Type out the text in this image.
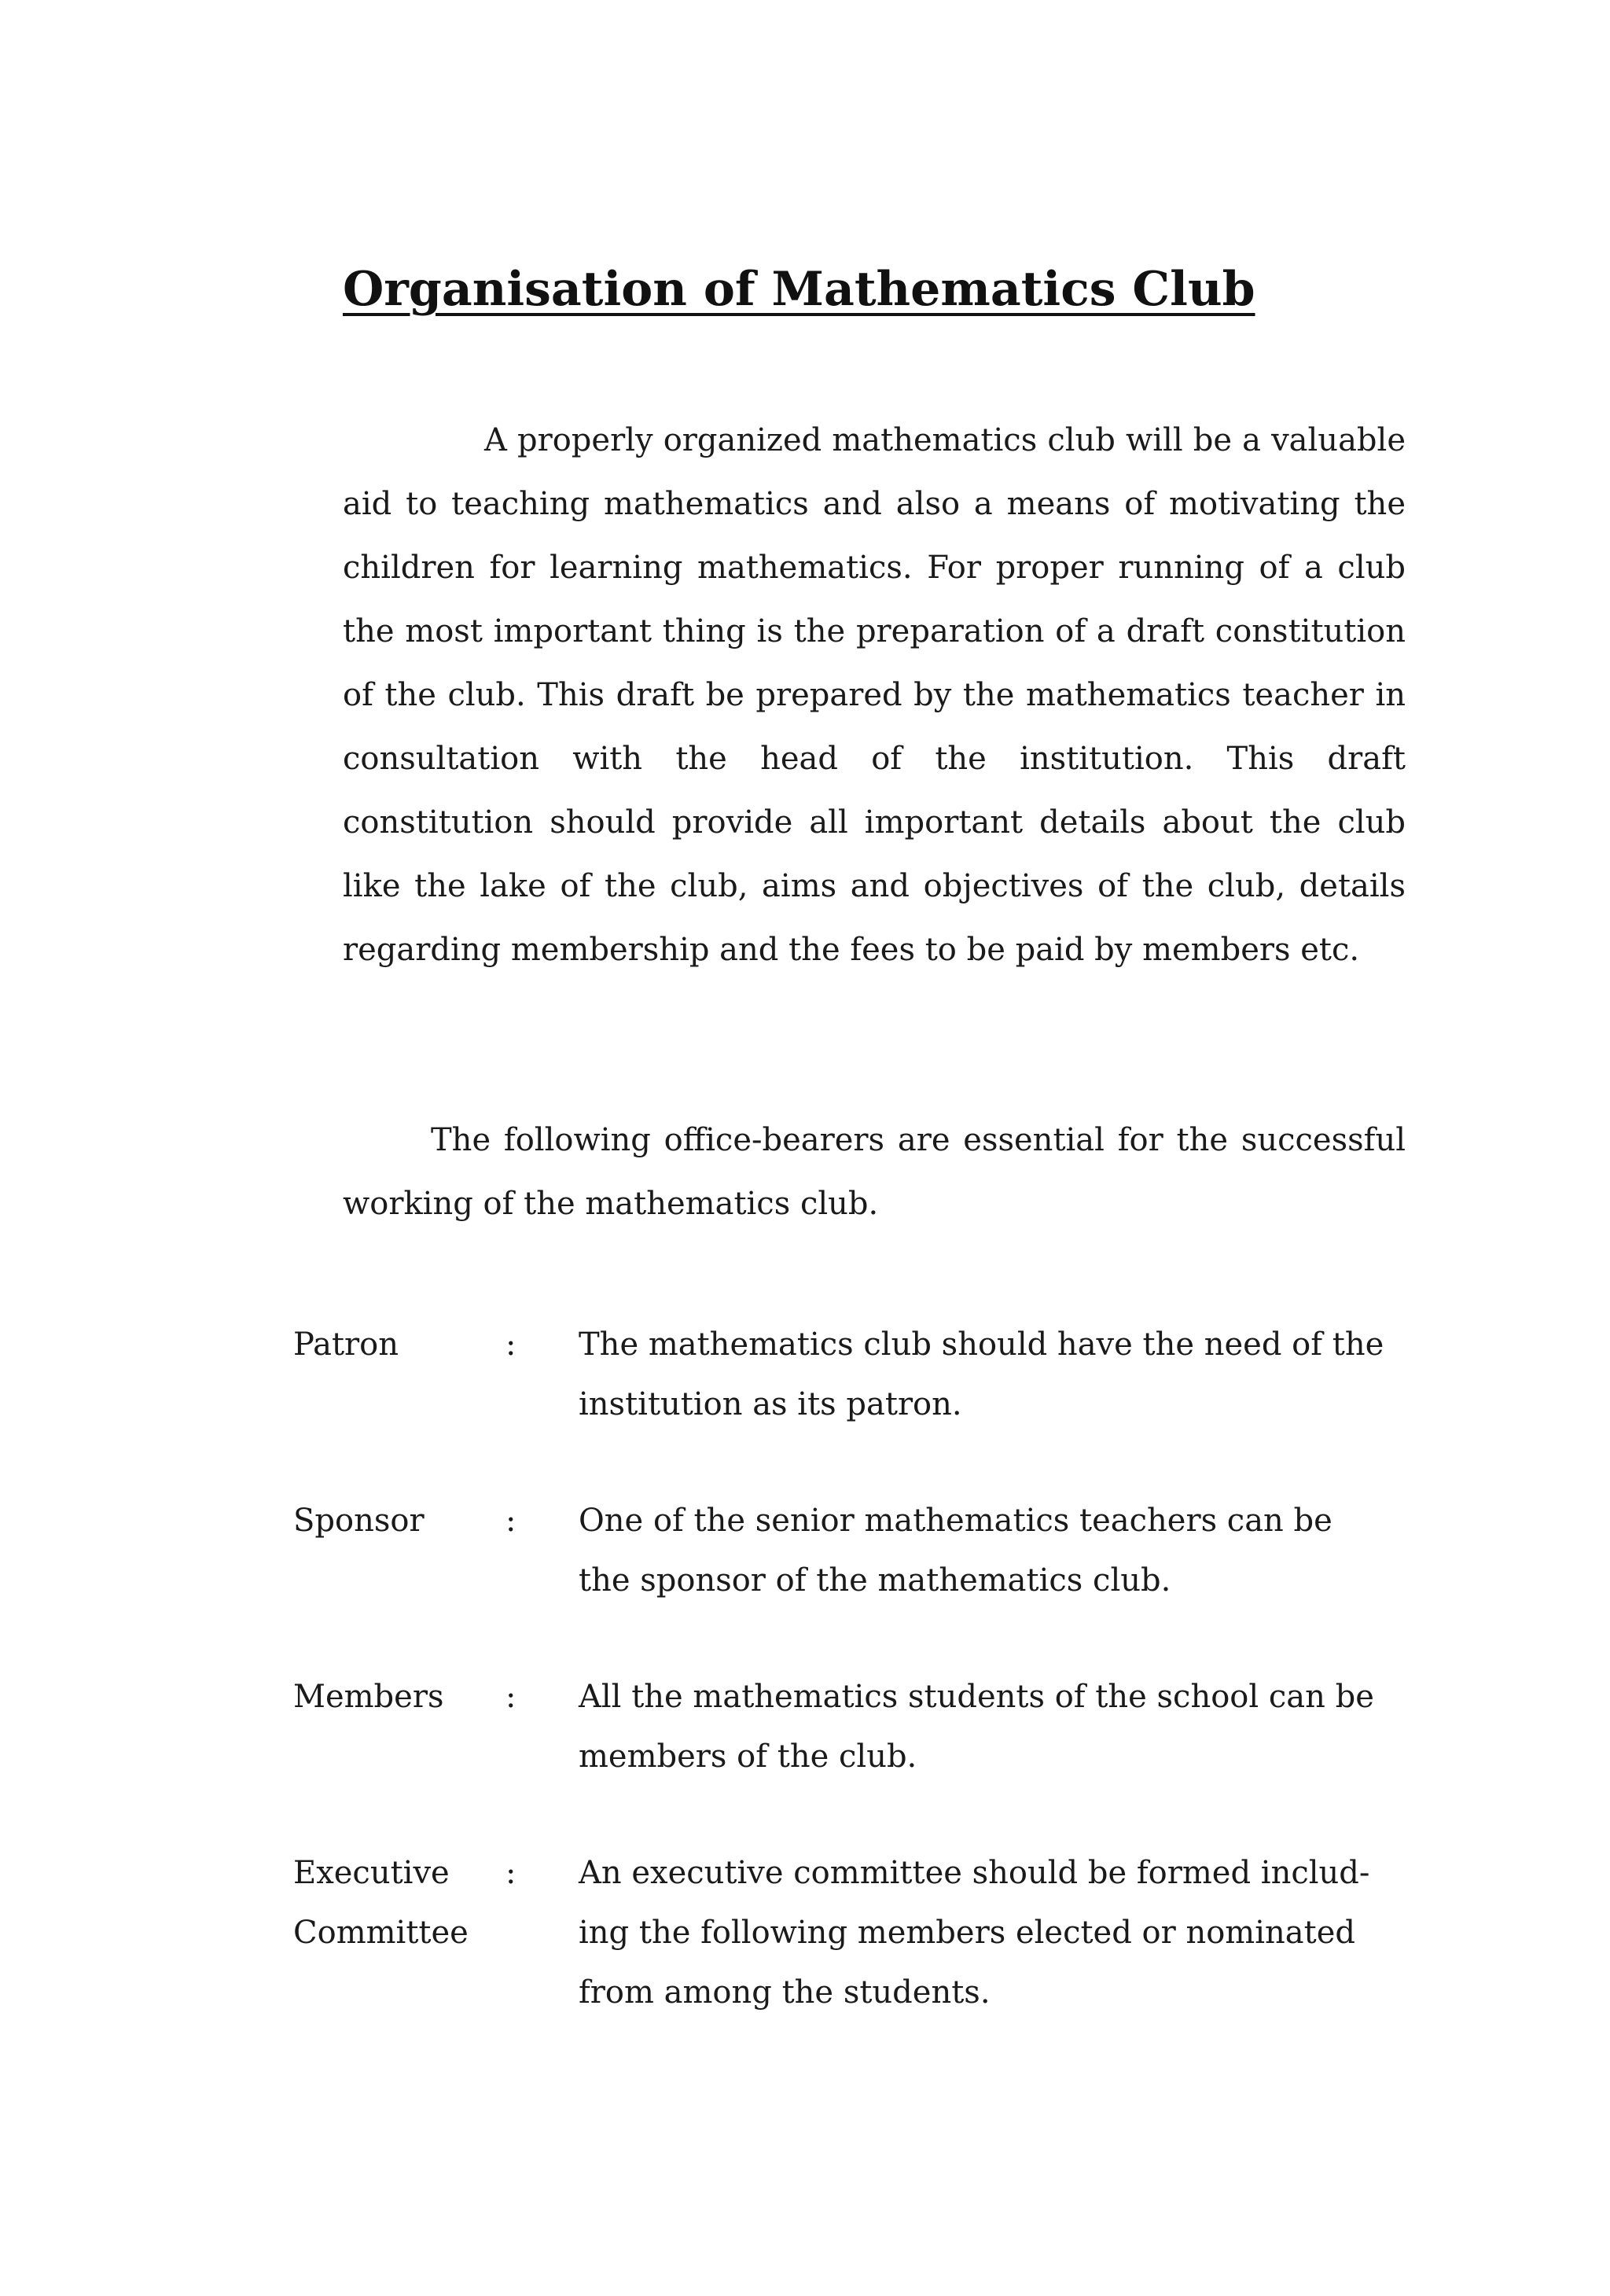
Organisation of Mathematics Club

A properly organized mathematics club will be a valuable aid to teaching mathematics and also a means of motivating the children for learning mathematics. For proper running of a club the most important thing is the preparation of a draft constitution of the club. This draft be prepared by the mathematics teacher in consultation with the head of the institution. This draft constitution should provide all important details about the club like the lake of the club, aims and objectives of the club, details regarding membership and the fees to be paid by members etc.

The following office-bearers are essential for the successful working of the mathematics club.

Patron	:	The mathematics club should have the need of the
institution as its patron.
Sponsor	:	One of the senior mathematics teachers can be
the sponsor of the mathematics club.
Members	:	All the mathematics students of the school can be
members of the club.
Executive
Committee
:	An executive committee should be formed includ-
ing the following members elected or nominated
from among the students.
